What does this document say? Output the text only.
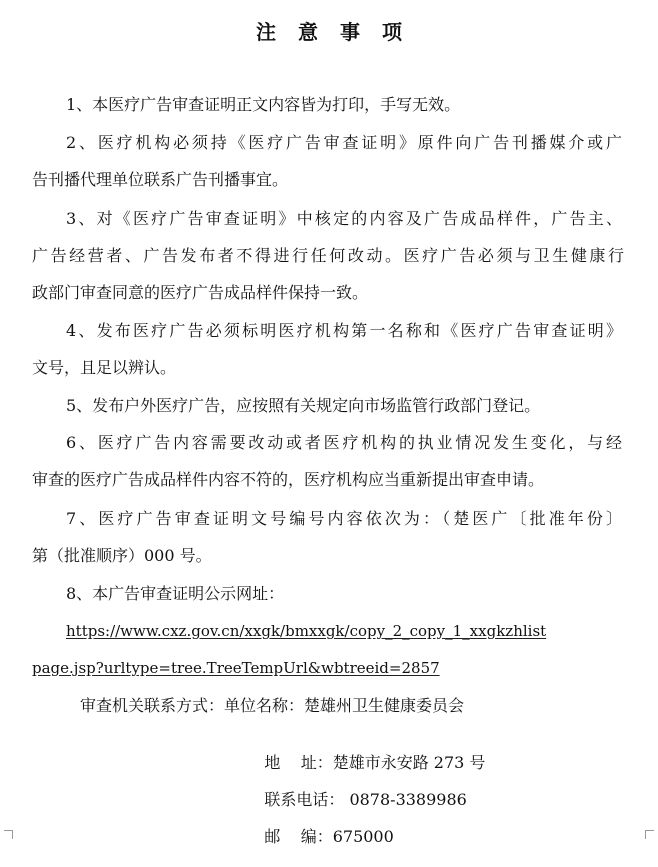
注意事项
1、本医疗广告审查证明正文内容皆为打印，手写无效。
2、医疗机构必须持《医疗广告审查证明》原件向广告刊播媒介或广
告刊播代理单位联系广告刊播事宜。
3、对《医疗广告审查证明》中核定的内容及广告成品样件，广告主、
广告经营者、广告发布者不得进行任何改动。医疗广告必须与卫生健康行
政部门审查同意的医疗广告成品样件保持一致。
4、发布医疗广告必须标明医疗机构第一名称和《医疗广告审查证明》
文号，且足以辨认。
5、发布户外医疗广告，应按照有关规定向市场监管行政部门登记。
6、医疗广告内容需要改动或者医疗机构的执业情况发生变化，与经
审查的医疗广告成品样件内容不符的，医疗机构应当重新提出审查申请。
7、医疗广告审查证明文号编号内容依次为：（楚医广〔批准年份〕
第（批准顺序）000 号。
8、本广告审查证明公示网址：
https://www.cxz.gov.cn/xxgk/bmxxgk/copy_2_copy_1_xxgkzhlist
page.jsp?urltype=tree.TreeTempUrl&wbtreeid=2857
审查机关联系方式：单位名称：楚雄州卫生健康委员会

地    址：楚雄市永安路 273 号

联系电话： 0878-3389986

邮    编：675000
